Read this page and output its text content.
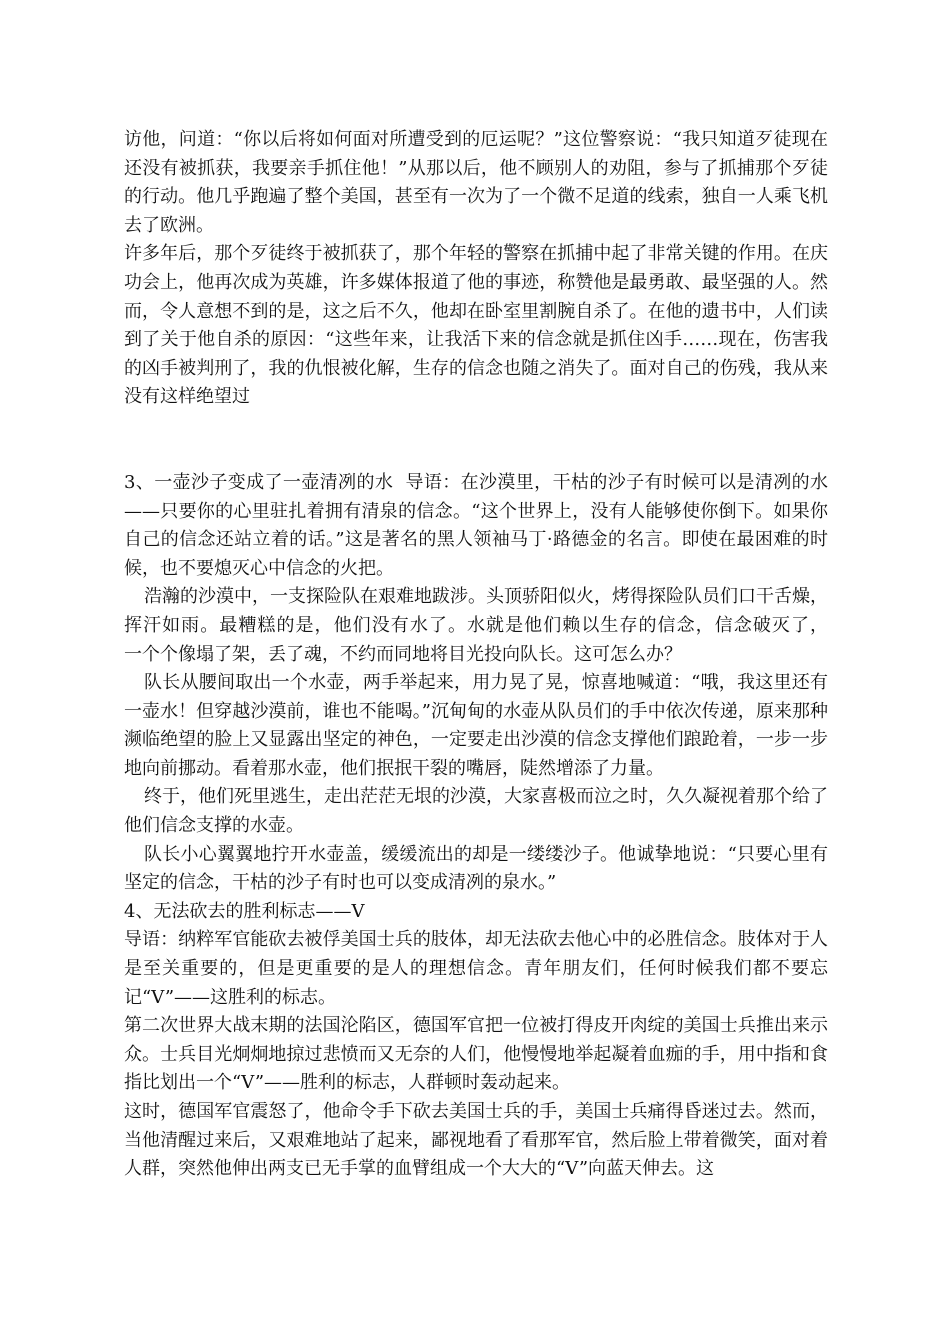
访他，问道：“你以后将如何面对所遭受到的厄运呢？”这位警察说：“我只知道歹徒现在还没有被抓获，我要亲手抓住他！”从那以后，他不顾别人的劝阻，参与了抓捕那个歹徒的行动。他几乎跑遍了整个美国，甚至有一次为了一个微不足道的线索，独自一人乘飞机去了欧洲。

许多年后，那个歹徒终于被抓获了，那个年轻的警察在抓捕中起了非常关键的作用。在庆功会上，他再次成为英雄，许多媒体报道了他的事迹，称赞他是最勇敢、最坚强的人。然而，令人意想不到的是，这之后不久，他却在卧室里割腕自杀了。在他的遗书中，人们读到了关于他自杀的原因：“这些年来，让我活下来的信念就是抓住凶手……现在，伤害我的凶手被判刑了，我的仇恨被化解，生存的信念也随之消失了。面对自己的伤残，我从来没有这样绝望过

3、一壶沙子变成了一壶清冽的水  导语：在沙漠里，干枯的沙子有时候可以是清冽的水——只要你的心里驻扎着拥有清泉的信念。“这个世界上，没有人能够使你倒下。如果你自己的信念还站立着的话。”这是著名的黑人领袖马丁·路德金的名言。即使在最困难的时候，也不要熄灭心中信念的火把。

浩瀚的沙漠中，一支探险队在艰难地跋涉。头顶骄阳似火，烤得探险队员们口干舌燥，挥汗如雨。最糟糕的是，他们没有水了。水就是他们赖以生存的信念，信念破灭了，    一个个像塌了架，丢了魂，不约而同地将目光投向队长。这可怎么办？

队长从腰间取出一个水壶，两手举起来，用力晃了晃，惊喜地喊道：“哦，我这里还有一壶水！但穿越沙漠前，谁也不能喝。”沉甸甸的水壶从队员们的手中依次传递，原来那种濒临绝望的脸上又显露出坚定的神色，一定要走出沙漠的信念支撑他们踉跄着，一步一步地向前挪动。看着那水壶，他们抿抿干裂的嘴唇，陡然增添了力量。

终于，他们死里逃生，走出茫茫无垠的沙漠，大家喜极而泣之时，久久凝视着那个给了他们信念支撑的水壶。

队长小心翼翼地拧开水壶盖，缓缓流出的却是一缕缕沙子。他诚挚地说：“只要心里有坚定的信念，干枯的沙子有时也可以变成清冽的泉水。”

4、无法砍去的胜利标志——V

导语：纳粹军官能砍去被俘美国士兵的肢体，却无法砍去他心中的必胜信念。肢体对于人是至关重要的，但是更重要的是人的理想信念。青年朋友们，任何时候我们都不要忘记“V”——这胜利的标志。

第二次世界大战末期的法国沦陷区，德国军官把一位被打得皮开肉绽的美国士兵推出来示众。士兵目光炯炯地掠过悲愤而又无奈的人们，他慢慢地举起凝着血痂的手，用中指和食指比划出一个“V”——胜利的标志，人群顿时轰动起来。

这时，德国军官震怒了，他命令手下砍去美国士兵的手，美国士兵痛得昏迷过去。然而，当他清醒过来后，又艰难地站了起来，鄙视地看了看那军官，然后脸上带着微笑，面对着人群，突然他伸出两支已无手掌的血臂组成一个大大的“V”向蓝天伸去。这
